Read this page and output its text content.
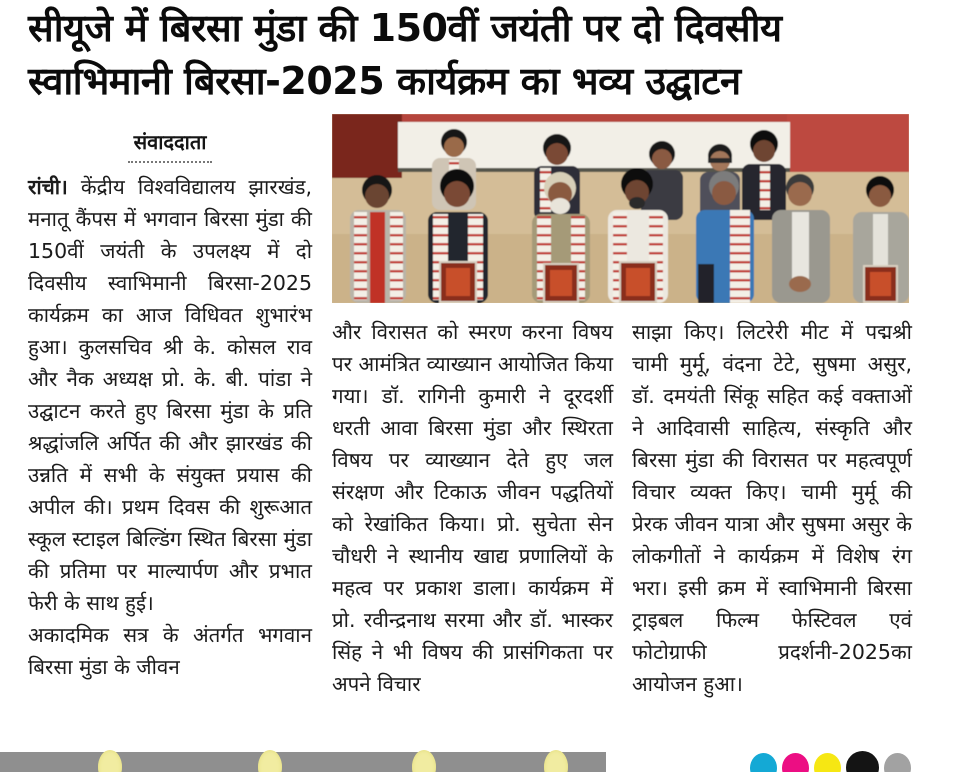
सीयूजे में बिरसा मुंडा की 150वीं जयंती पर दो दिवसीय
स्वाभिमानी बिरसा-2025 कार्यक्रम का भव्य उद्घाटन
संवाददाता

रांची। केंद्रीय विश्वविद्यालय झारखंड, मनातू कैंपस में भगवान बिरसा मुंडा की 150वीं जयंती के उपलक्ष्य में दो दिवसीय स्वाभिमानी बिरसा-2025 कार्यक्रम का आज विधिवत शुभारंभ हुआ। कुलसचिव श्री के. कोसल राव और नैक अध्यक्ष प्रो. के. बी. पांडा ने उद्घाटन करते हुए बिरसा मुंडा के प्रति श्रद्धांजलि अर्पित की और झारखंड की उन्नति में सभी के संयुक्त प्रयास की अपील की। प्रथम दिवस की शुरूआत स्कूल स्टाइल बिल्डिंग स्थित बिरसा मुंडा की प्रतिमा पर माल्यार्पण और प्रभात फेरी के साथ हुई।

अकादमिक सत्र के अंतर्गत भगवान बिरसा मुंडा के जीवन

और विरासत को स्मरण करना विषय पर आमंत्रित व्याख्यान आयोजित किया गया। डॉ. रागिनी कुमारी ने दूरदर्शी धरती आवा बिरसा मुंडा और स्थिरता विषय पर व्याख्यान देते हुए जल संरक्षण और टिकाऊ जीवन पद्धतियों को रेखांकित किया। प्रो. सुचेता सेन चौधरी ने स्थानीय खाद्य प्रणालियों के महत्व पर प्रकाश डाला। कार्यक्रम में प्रो. रवीन्द्रनाथ सरमा और डॉ. भास्कर सिंह ने भी विषय की प्रासंगिकता पर अपने विचार

साझा किए। लिटरेरी मीट में पद्मश्री चामी मुर्मू, वंदना टेटे, सुषमा असुर, डॉ. दमयंती सिंकू सहित कई वक्ताओं ने आदिवासी साहित्य, संस्कृति और बिरसा मुंडा की विरासत पर महत्वपूर्ण विचार व्यक्त किए। चामी मुर्मू की प्रेरक जीवन यात्रा और सुषमा असुर के लोकगीतों ने कार्यक्रम में विशेष रंग भरा। इसी क्रम में स्वाभिमानी बिरसा ट्राइबल फिल्म फेस्टिवल एवं फोटोग्राफी प्रदर्शनी-2025का आयोजन हुआ।
